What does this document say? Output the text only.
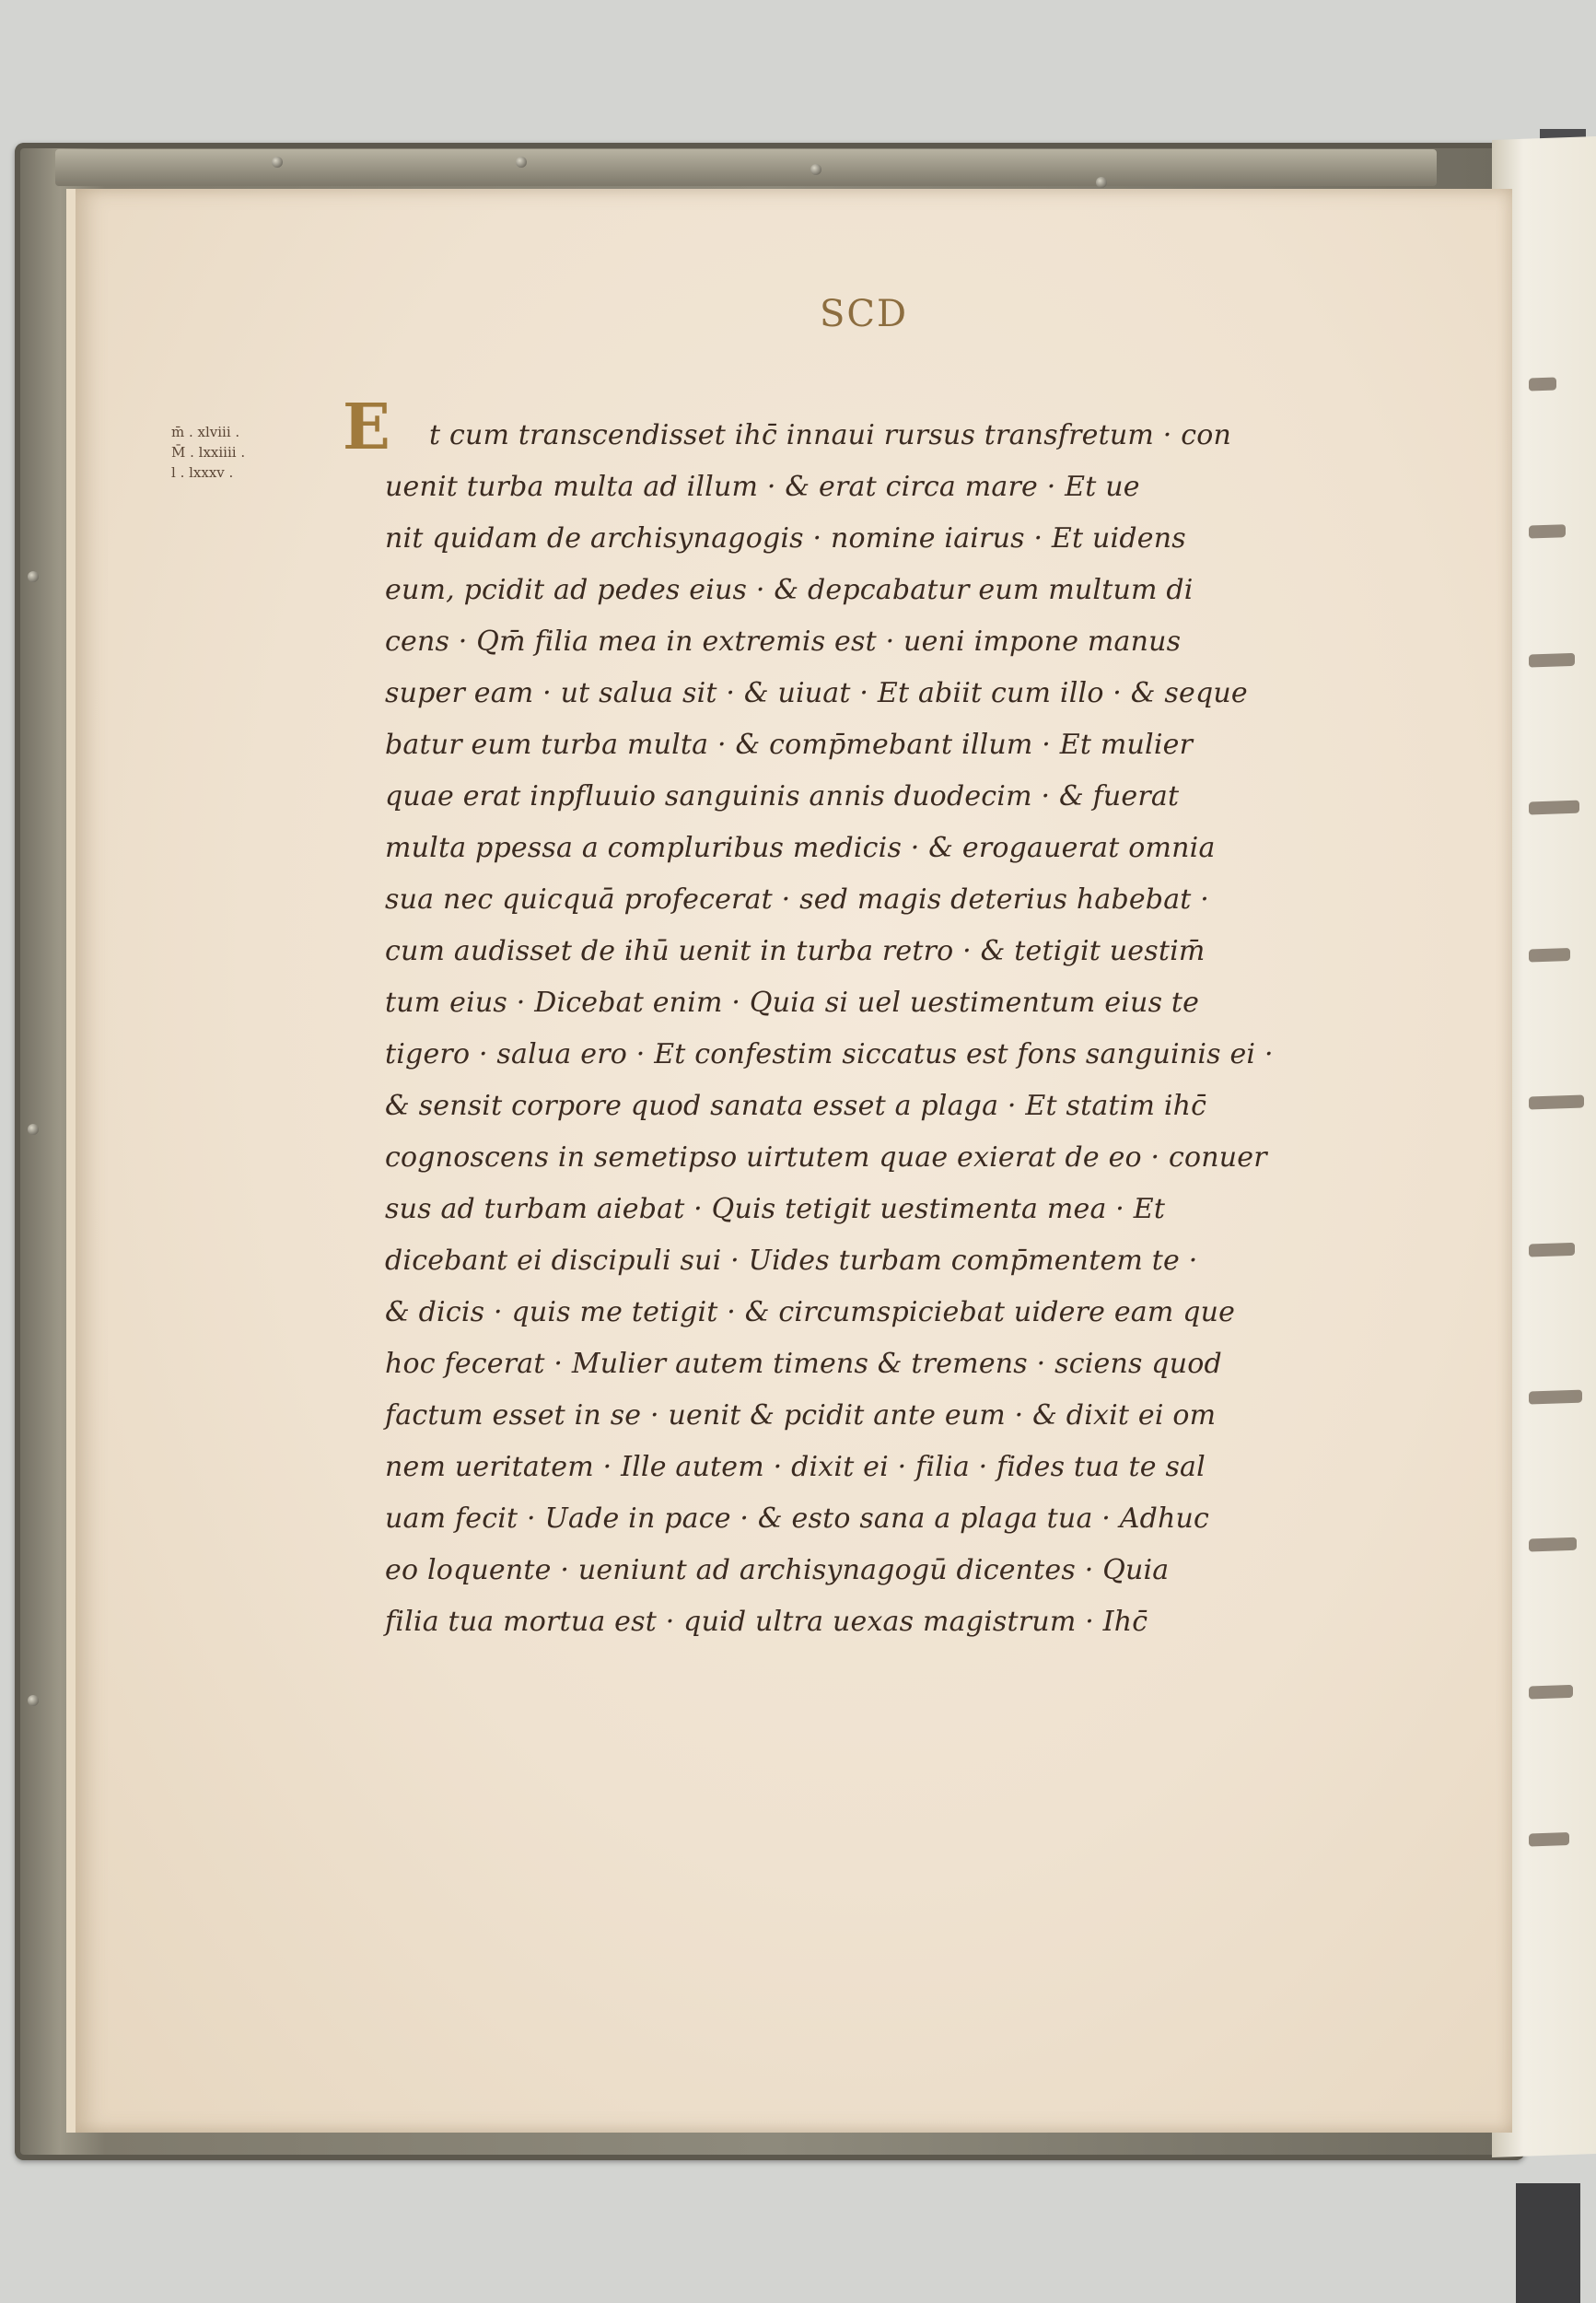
SCD
m̄ . xlviii .
M̄ . lxxiiii .
l . lxxxv .
E	t cum transcendisset ihc̄ innaui rursus transfretum · con
uenit turba multa ad illum · & erat circa mare · Et ue
nit quidam de archisynagogis · nomine iairus · Et uidens
eum, pcidit ad pedes eius · & depcabatur eum multum di
cens · Qm̄ filia mea in extremis est · ueni impone manus
super eam · ut salua sit · & uiuat · Et abiit cum illo · & seque
batur eum turba multa · & comp̄mebant illum · Et mulier
quae erat inpfluuio sanguinis annis duodecim · & fuerat
multa ppessa a compluribus medicis · & erogauerat omnia
sua nec quicquā profecerat · sed magis deterius habebat ·
cum audisset de ihū uenit in turba retro · & tetigit uestim̄
tum eius · Dicebat enim · Quia si uel uestimentum eius te
tigero · salua ero · Et confestim siccatus est fons sanguinis ei ·
& sensit corpore quod sanata esset a plaga · Et statim ihc̄
cognoscens in semetipso uirtutem quae exierat de eo · conuer
sus ad turbam aiebat · Quis tetigit uestimenta mea · Et
dicebant ei discipuli sui · Uides turbam comp̄mentem te ·
& dicis · quis me tetigit · & circumspiciebat uidere eam que
hoc fecerat · Mulier autem timens & tremens · sciens quod
factum esset in se · uenit & pcidit ante eum · & dixit ei om
nem ueritatem · Ille autem · dixit ei · filia · fides tua te sal
uam fecit · Uade in pace · & esto sana a plaga tua · Adhuc
eo loquente · ueniunt ad archisynagogū dicentes · Quia
filia tua mortua est · quid ultra uexas magistrum · Ihc̄
